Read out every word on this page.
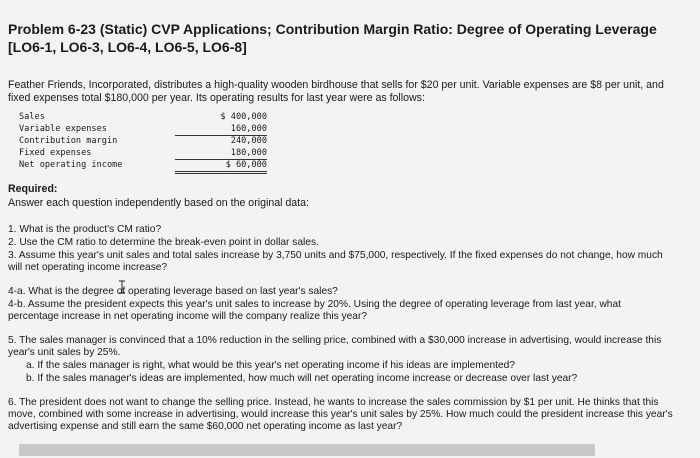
Problem 6-23 (Static) CVP Applications; Contribution Margin Ratio: Degree of Operating Leverage [LO6-1, LO6-3, LO6-4, LO6-5, LO6-8]
Feather Friends, Incorporated, distributes a high-quality wooden birdhouse that sells for $20 per unit. Variable expenses are $8 per unit, and fixed expenses total $180,000 per year. Its operating results for last year were as follows:
Sales	$ 400,000
Variable expenses	160,000
Contribution margin	240,000
Fixed expenses	180,000
Net operating income	$ 60,000
Required:
Answer each question independently based on the original data:
1. What is the product's CM ratio?
2. Use the CM ratio to determine the break-even point in dollar sales.
3. Assume this year's unit sales and total sales increase by 3,750 units and $75,000, respectively. If the fixed expenses do not change, how much will net operating income increase?
4-a. What is the degree of operating leverage based on last year's sales?
4-b. Assume the president expects this year's unit sales to increase by 20%. Using the degree of operating leverage from last year, what percentage increase in net operating income will the company realize this year?
5. The sales manager is convinced that a 10% reduction in the selling price, combined with a $30,000 increase in advertising, would increase this year's unit sales by 25%.
a. If the sales manager is right, what would be this year's net operating income if his ideas are implemented?
b. If the sales manager's ideas are implemented, how much will net operating income increase or decrease over last year?
6. The president does not want to change the selling price. Instead, he wants to increase the sales commission by $1 per unit. He thinks that this move, combined with some increase in advertising, would increase this year's unit sales by 25%. How much could the president increase this year's advertising expense and still earn the same $60,000 net operating income as last year?
